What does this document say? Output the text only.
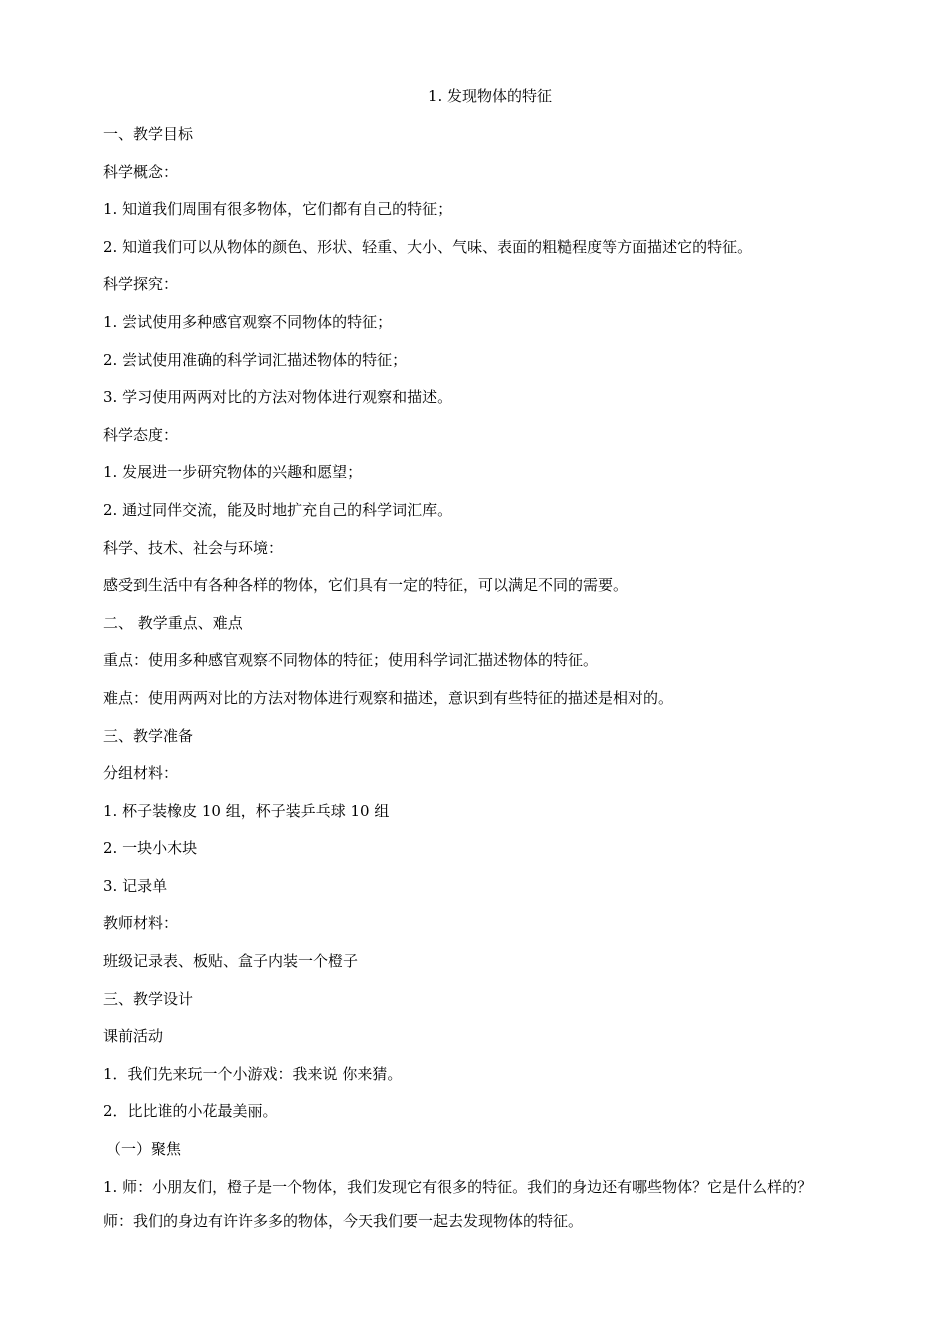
1. 发现物体的特征
一、教学目标
科学概念：
1. 知道我们周围有很多物体，它们都有自己的特征；
2. 知道我们可以从物体的颜色、形状、轻重、大小、气味、表面的粗糙程度等方面描述它的特征。
科学探究：
1. 尝试使用多种感官观察不同物体的特征；
2. 尝试使用准确的科学词汇描述物体的特征；
3. 学习使用两两对比的方法对物体进行观察和描述。
科学态度：
1. 发展进一步研究物体的兴趣和愿望；
2. 通过同伴交流，能及时地扩充自己的科学词汇库。
科学、技术、社会与环境：
感受到生活中有各种各样的物体，它们具有一定的特征，可以满足不同的需要。
二、 教学重点、难点
重点：使用多种感官观察不同物体的特征；使用科学词汇描述物体的特征。
难点：使用两两对比的方法对物体进行观察和描述，意识到有些特征的描述是相对的。
三、教学准备
分组材料：
1. 杯子装橡皮 10 组，杯子装乒乓球 10 组
2. 一块小木块
3. 记录单
教师材料：
班级记录表、板贴、盒子内装一个橙子
三、教学设计
课前活动
1．我们先来玩一个小游戏：我来说 你来猜。
2．比比谁的小花最美丽。
（一）聚焦
1. 师：小朋友们，橙子是一个物体，我们发现它有很多的特征。我们的身边还有哪些物体？它是什么样的？
师：我们的身边有许许多多的物体，今天我们要一起去发现物体的特征。
